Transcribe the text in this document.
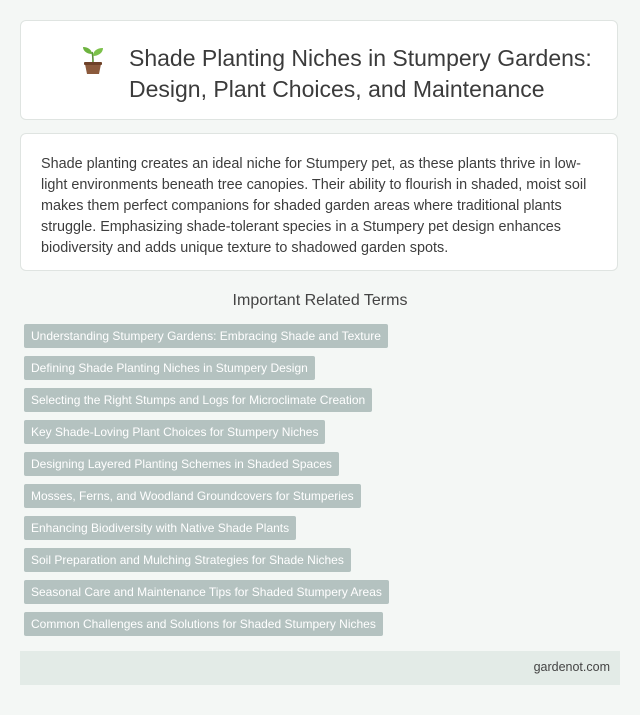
Shade Planting Niches in Stumpery Gardens: Design, Plant Choices, and Maintenance

Shade planting creates an ideal niche for Stumpery pet, as these plants thrive in low-light environments beneath tree canopies. Their ability to flourish in shaded, moist soil makes them perfect companions for shaded garden areas where traditional plants struggle. Emphasizing shade-tolerant species in a Stumpery pet design enhances biodiversity and adds unique texture to shadowed garden spots.

Important Related Terms
Understanding Stumpery Gardens: Embracing Shade and Texture
Defining Shade Planting Niches in Stumpery Design
Selecting the Right Stumps and Logs for Microclimate Creation
Key Shade-Loving Plant Choices for Stumpery Niches
Designing Layered Planting Schemes in Shaded Spaces
Mosses, Ferns, and Woodland Groundcovers for Stumperies
Enhancing Biodiversity with Native Shade Plants
Soil Preparation and Mulching Strategies for Shade Niches
Seasonal Care and Maintenance Tips for Shaded Stumpery Areas
Common Challenges and Solutions for Shaded Stumpery Niches
gardenot.com
